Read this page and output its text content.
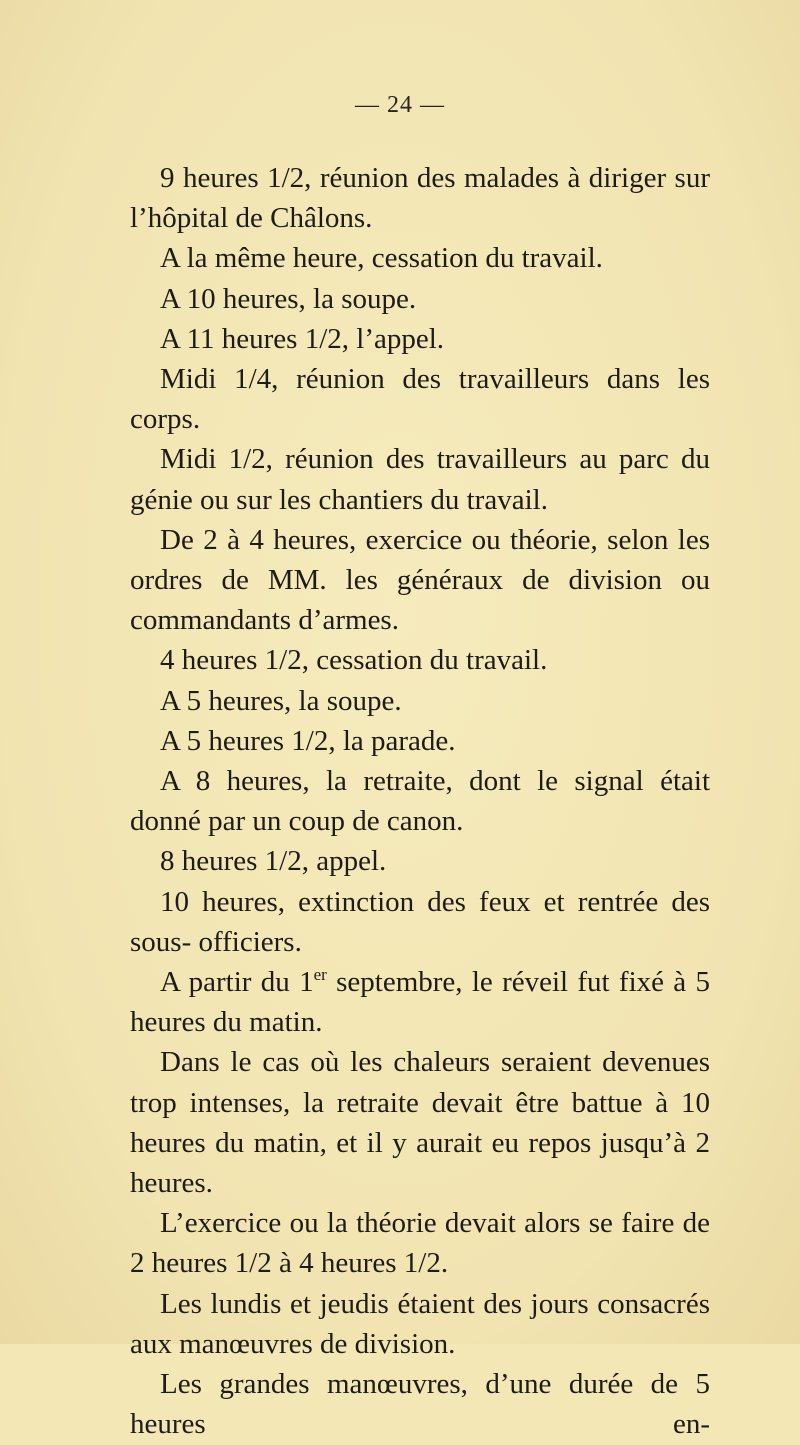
— 24 —

9 heures 1/2, réunion des malades à diriger sur l’hôpital de Châlons.

A la même heure, cessation du travail.

A 10 heures, la soupe.

A 11 heures 1/2, l’appel.

Midi 1/4, réunion des travailleurs dans les corps.

Midi 1/2, réunion des travailleurs au parc du génie ou sur les chantiers du travail.

De 2 à 4 heures, exercice ou théorie, selon les ordres de MM. les généraux de division ou commandants d’armes.

4 heures 1/2, cessation du travail.

A 5 heures, la soupe.

A 5 heures 1/2, la parade.

A 8 heures, la retraite, dont le signal était donné par un coup de canon.

8 heures 1/2, appel.

10 heures, extinction des feux et rentrée des sous- officiers.

A partir du 1er septembre, le réveil fut fixé à 5 heures du matin.

Dans le cas où les chaleurs seraient devenues trop intenses, la retraite devait être battue à 10 heures du matin, et il y aurait eu repos jusqu’à 2 heures.

L’exercice ou la théorie devait alors se faire de 2 heures 1/2 à 4 heures 1/2.

Les lundis et jeudis étaient des jours consacrés aux manœuvres de division.

Les grandes manœuvres, d’une durée de 5 heures en-
